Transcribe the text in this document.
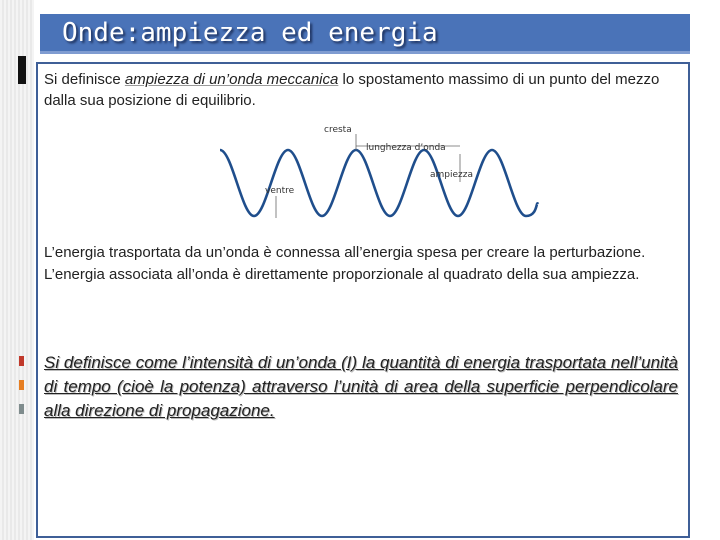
Onde:ampiezza ed energia
Si definisce ampiezza di un’onda meccanica lo spostamento massimo di un punto del mezzo dalla sua posizione di equilibrio.
cresta
lunghezza d’onda
ampiezza
ventre
L’energia trasportata da un’onda è connessa all’energia spesa per creare la perturbazione.
L’energia associata all’onda è direttamente proporzionale al quadrato della sua ampiezza.
Si definisce come l’intensità di un’onda (I) la quantità di energia trasportata nell’unità di tempo (cioè la potenza) attraverso l’unità di area della superficie perpendicolare alla direzione di propagazione.
